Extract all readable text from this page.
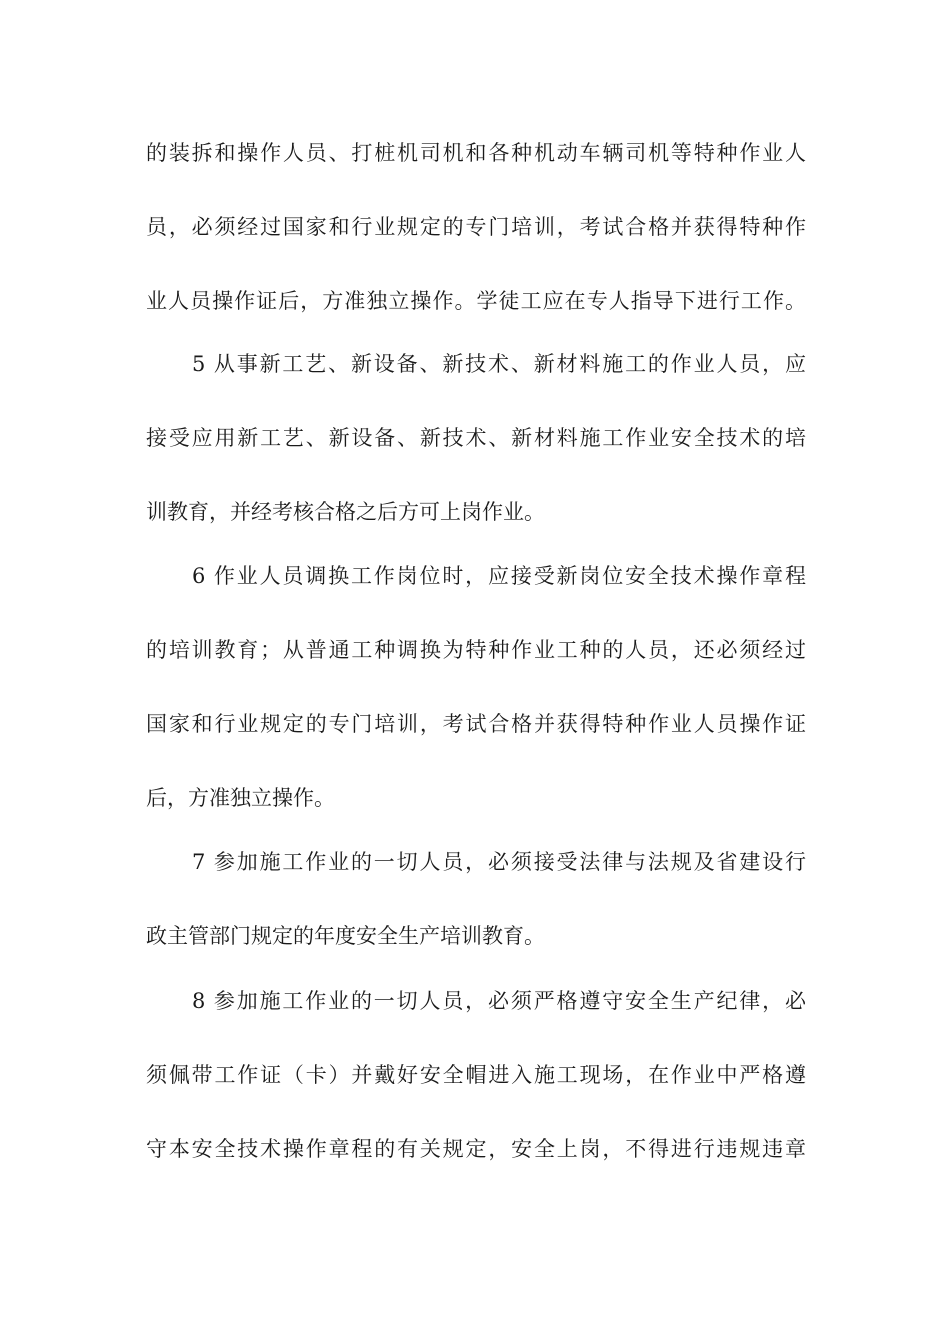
的装拆和操作人员、打桩机司机和各种机动车辆司机等特种作业人
员，必须经过国家和行业规定的专门培训，考试合格并获得特种作
业人员操作证后，方准独立操作。学徒工应在专人指导下进行工作。
5 从事新工艺、新设备、新技术、新材料施工的作业人员，应
接受应用新工艺、新设备、新技术、新材料施工作业安全技术的培
训教育，并经考核合格之后方可上岗作业。
6 作业人员调换工作岗位时，应接受新岗位安全技术操作章程
的培训教育；从普通工种调换为特种作业工种的人员，还必须经过
国家和行业规定的专门培训，考试合格并获得特种作业人员操作证
后，方准独立操作。
7 参加施工作业的一切人员，必须接受法律与法规及省建设行
政主管部门规定的年度安全生产培训教育。
8 参加施工作业的一切人员，必须严格遵守安全生产纪律，必
须佩带工作证（卡）并戴好安全帽进入施工现场，在作业中严格遵
守本安全技术操作章程的有关规定，安全上岗，不得进行违规违章
